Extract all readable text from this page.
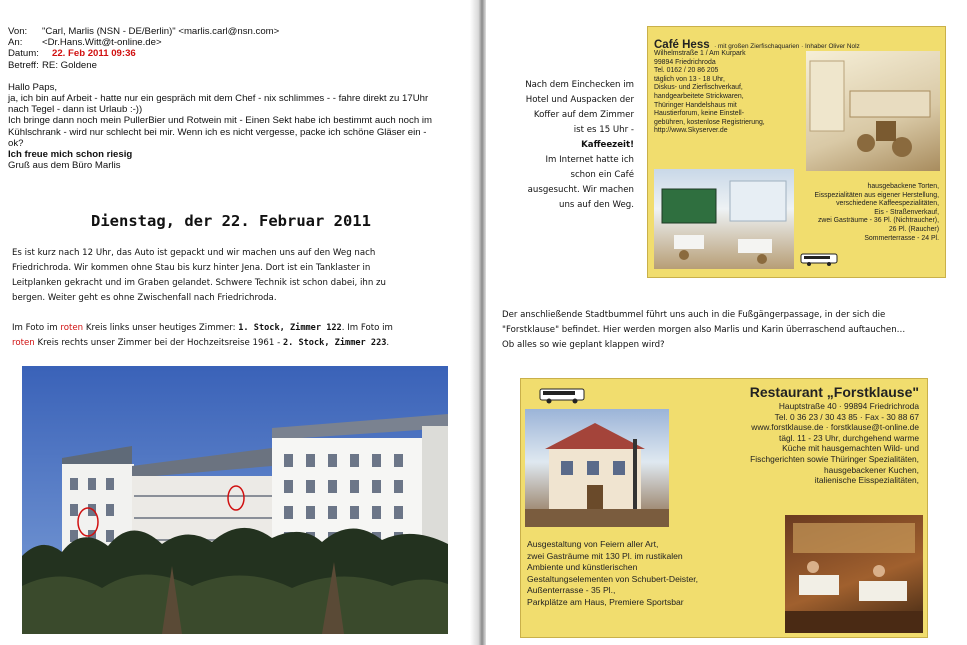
Von:	"Carl, Marlis (NSN - DE/Berlin)" <marlis.carl@nsn.com>
An:	<Dr.Hans.Witt@t-online.de>
Datum:	22. Feb 2011 09:36
Betreff: RE: Goldene
Hallo Paps,
ja, ich bin auf Arbeit - hatte nur ein gespräch mit dem Chef - nix schlimmes - - fahre direkt zu 17Uhr
nach Tegel - dann ist Urlaub :-))
Ich bringe dann noch mein PullerBier und Rotwein mit - Einen Sekt habe ich bestimmt auch noch im
Kühlschrank - wird nur schlecht bei mir. Wenn ich es nicht vergesse, packe ich schöne Gläser ein -
ok?
Ich freue mich schon riesig
Gruß aus dem Büro Marlis
Dienstag, der 22. Februar 2011

Es ist kurz nach 12 Uhr, das Auto ist gepackt und wir machen uns auf den Weg nach
Friedrichroda. Wir kommen ohne Stau bis kurz hinter Jena. Dort ist ein Tanklaster in
Leitplanken gekracht und im Graben gelandet. Schwere Technik ist schon dabei, ihn zu
bergen. Weiter geht es ohne Zwischenfall nach Friedrichroda.

Im Foto im roten Kreis links unser heutiges Zimmer: 1. Stock, Zimmer 122. Im Foto im
roten Kreis rechts unser Zimmer bei der Hochzeitsreise 1961 - 2. Stock, Zimmer 223.

Nach dem Einchecken im
Hotel und Auspacken der
Koffer auf dem Zimmer
ist es 15 Uhr -
Kaffeezeit!
Im Internet hatte ich
schon ein Café
ausgesucht. Wir machen
uns auf den Weg.

Café Hess · mit großen Zierfischaquarien · Inhaber Oliver Nolz
Wilhelmstraße 1 / Am Kurpark
99894 Friedrichroda
Tel. 0162 / 20 86 205
täglich von 13 - 18 Uhr,
Diskus- und Zierfischverkauf,
handgearbeitete Strickwaren,
Thüringer Handelshaus mit
Haustierforum, keine Einstell-
gebühren, kostenlose Registrierung,
http://www.Skyserver.de
hausgebackene Torten,
Eisspezialitäten aus eigener Herstellung,
verschiedene Kaffeespezialitäten,
Eis - Straßenverkauf,
zwei Gasträume - 36 Pl. (Nichtraucher),
26 Pl. (Raucher)
Sommerterrasse - 24 Pl.

Der anschließende Stadtbummel führt uns auch in die Fußgängerpassage, in der sich die
"Forstklause" befindet. Hier werden morgen also Marlis und Karin überraschend auftauchen…
Ob alles so wie geplant klappen wird?

Restaurant „Forstklause"
Hauptstraße 40 · 99894 Friedrichroda
Tel. 0 36 23 / 30 43 85 · Fax - 30 88 67
www.forstklause.de · forstklause@t-online.de
tägl. 11 - 23 Uhr, durchgehend warme
Küche mit hausgemachten Wild- und
Fischgerichten sowie Thüringer Spezialitäten,
hausgebackener Kuchen,
italienische Eisspezialitäten,
Ausgestaltung von Feiern aller Art,
zwei Gasträume mit 130 Pl. im rustikalen
Ambiente und künstlerischen
Gestaltungselementen von Schubert-Deister,
Außenterrasse - 35 Pl.,
Parkplätze am Haus, Premiere Sportsbar
